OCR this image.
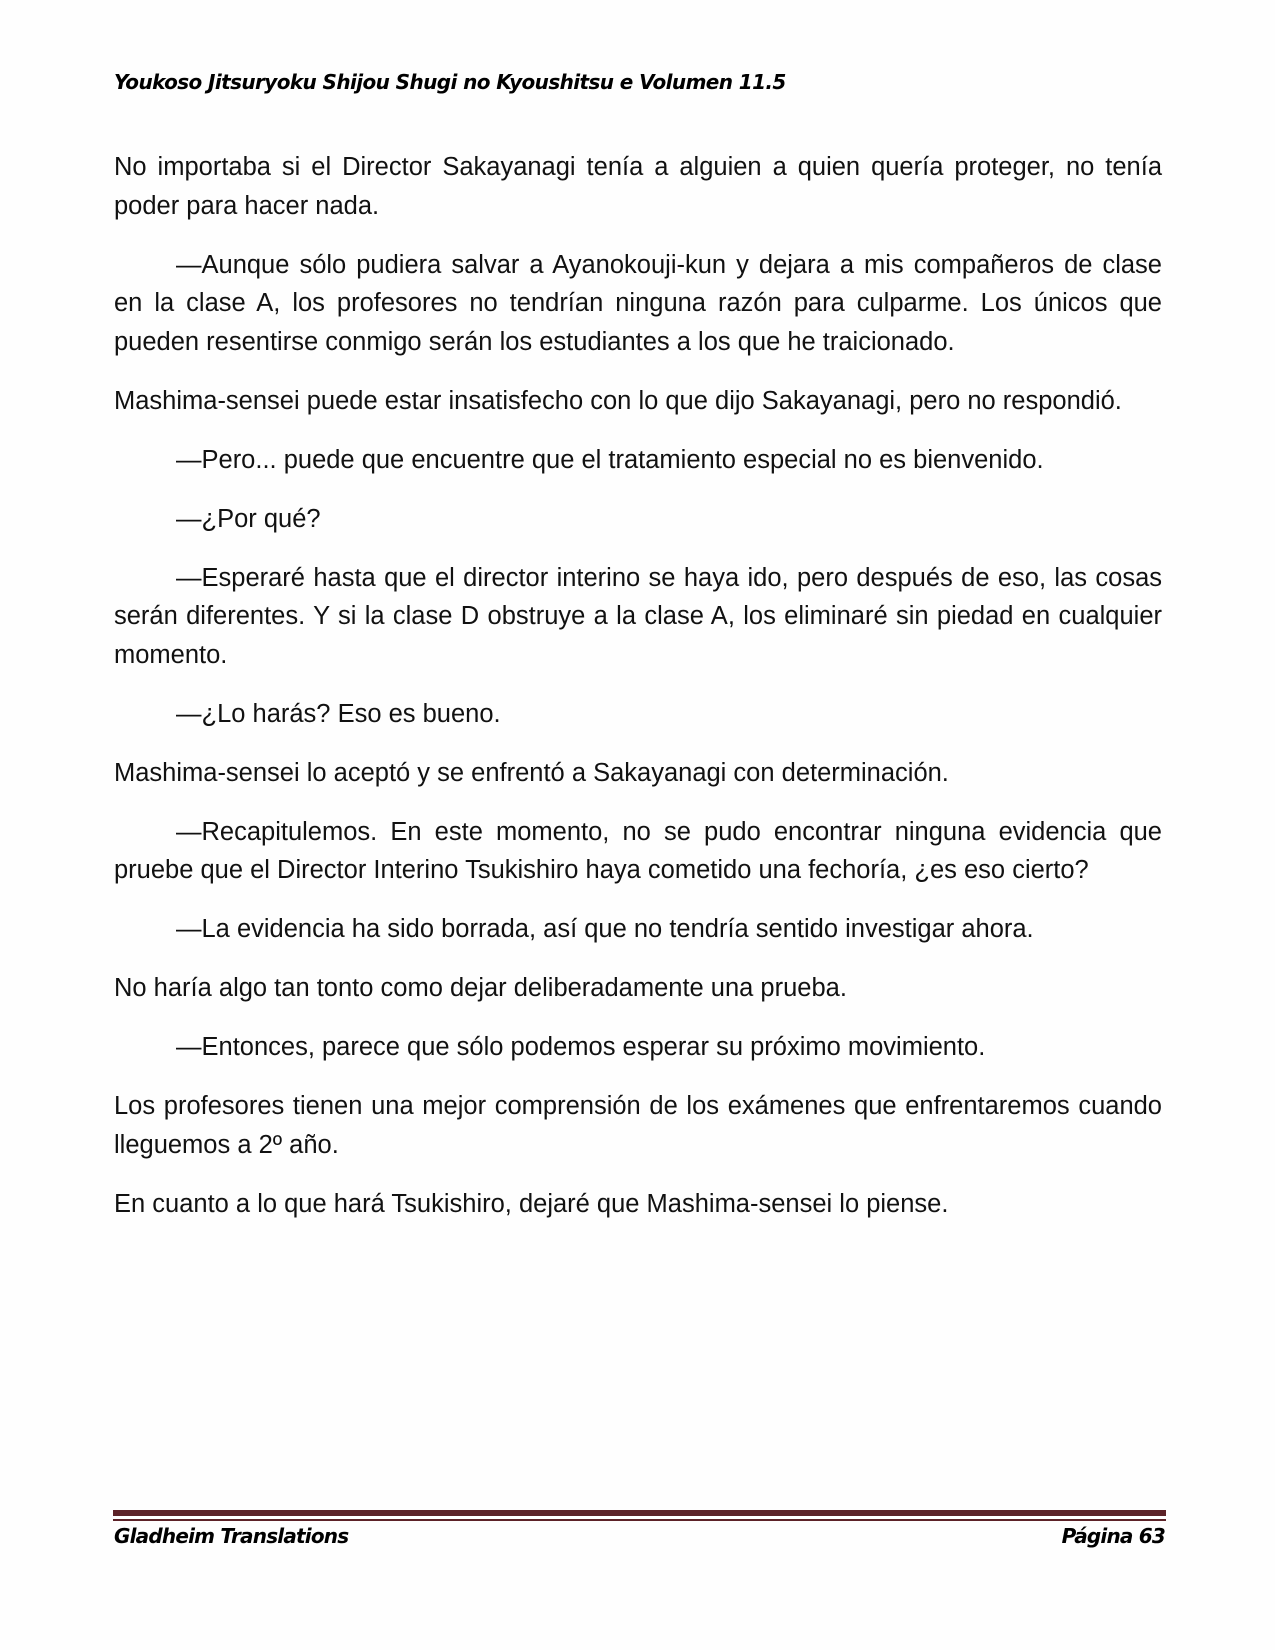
Youkoso Jitsuryoku Shijou Shugi no Kyoushitsu e Volumen 11.5

No importaba si el Director Sakayanagi tenía a alguien a quien quería proteger, no tenía poder para hacer nada.

—Aunque sólo pudiera salvar a Ayanokouji-kun y dejara a mis compañeros de clase en la clase A, los profesores no tendrían ninguna razón para culparme. Los únicos que pueden resentirse conmigo serán los estudiantes a los que he traicionado.

Mashima-sensei puede estar insatisfecho con lo que dijo Sakayanagi, pero no respondió.

—Pero... puede que encuentre que el tratamiento especial no es bienvenido.

—¿Por qué?

—Esperaré hasta que el director interino se haya ido, pero después de eso, las cosas serán diferentes. Y si la clase D obstruye a la clase A, los eliminaré sin piedad en cualquier momento.

—¿Lo harás? Eso es bueno.

Mashima-sensei lo aceptó y se enfrentó a Sakayanagi con determinación.

—Recapitulemos. En este momento, no se pudo encontrar ninguna evidencia que pruebe que el Director Interino Tsukishiro haya cometido una fechoría, ¿es eso cierto?

—La evidencia ha sido borrada, así que no tendría sentido investigar ahora.

No haría algo tan tonto como dejar deliberadamente una prueba.

—Entonces, parece que sólo podemos esperar su próximo movimiento.

Los profesores tienen una mejor comprensión de los exámenes que enfrentaremos cuando lleguemos a 2º año.

En cuanto a lo que hará Tsukishiro, dejaré que Mashima-sensei lo piense.

Gladheim Translations	Página 63
